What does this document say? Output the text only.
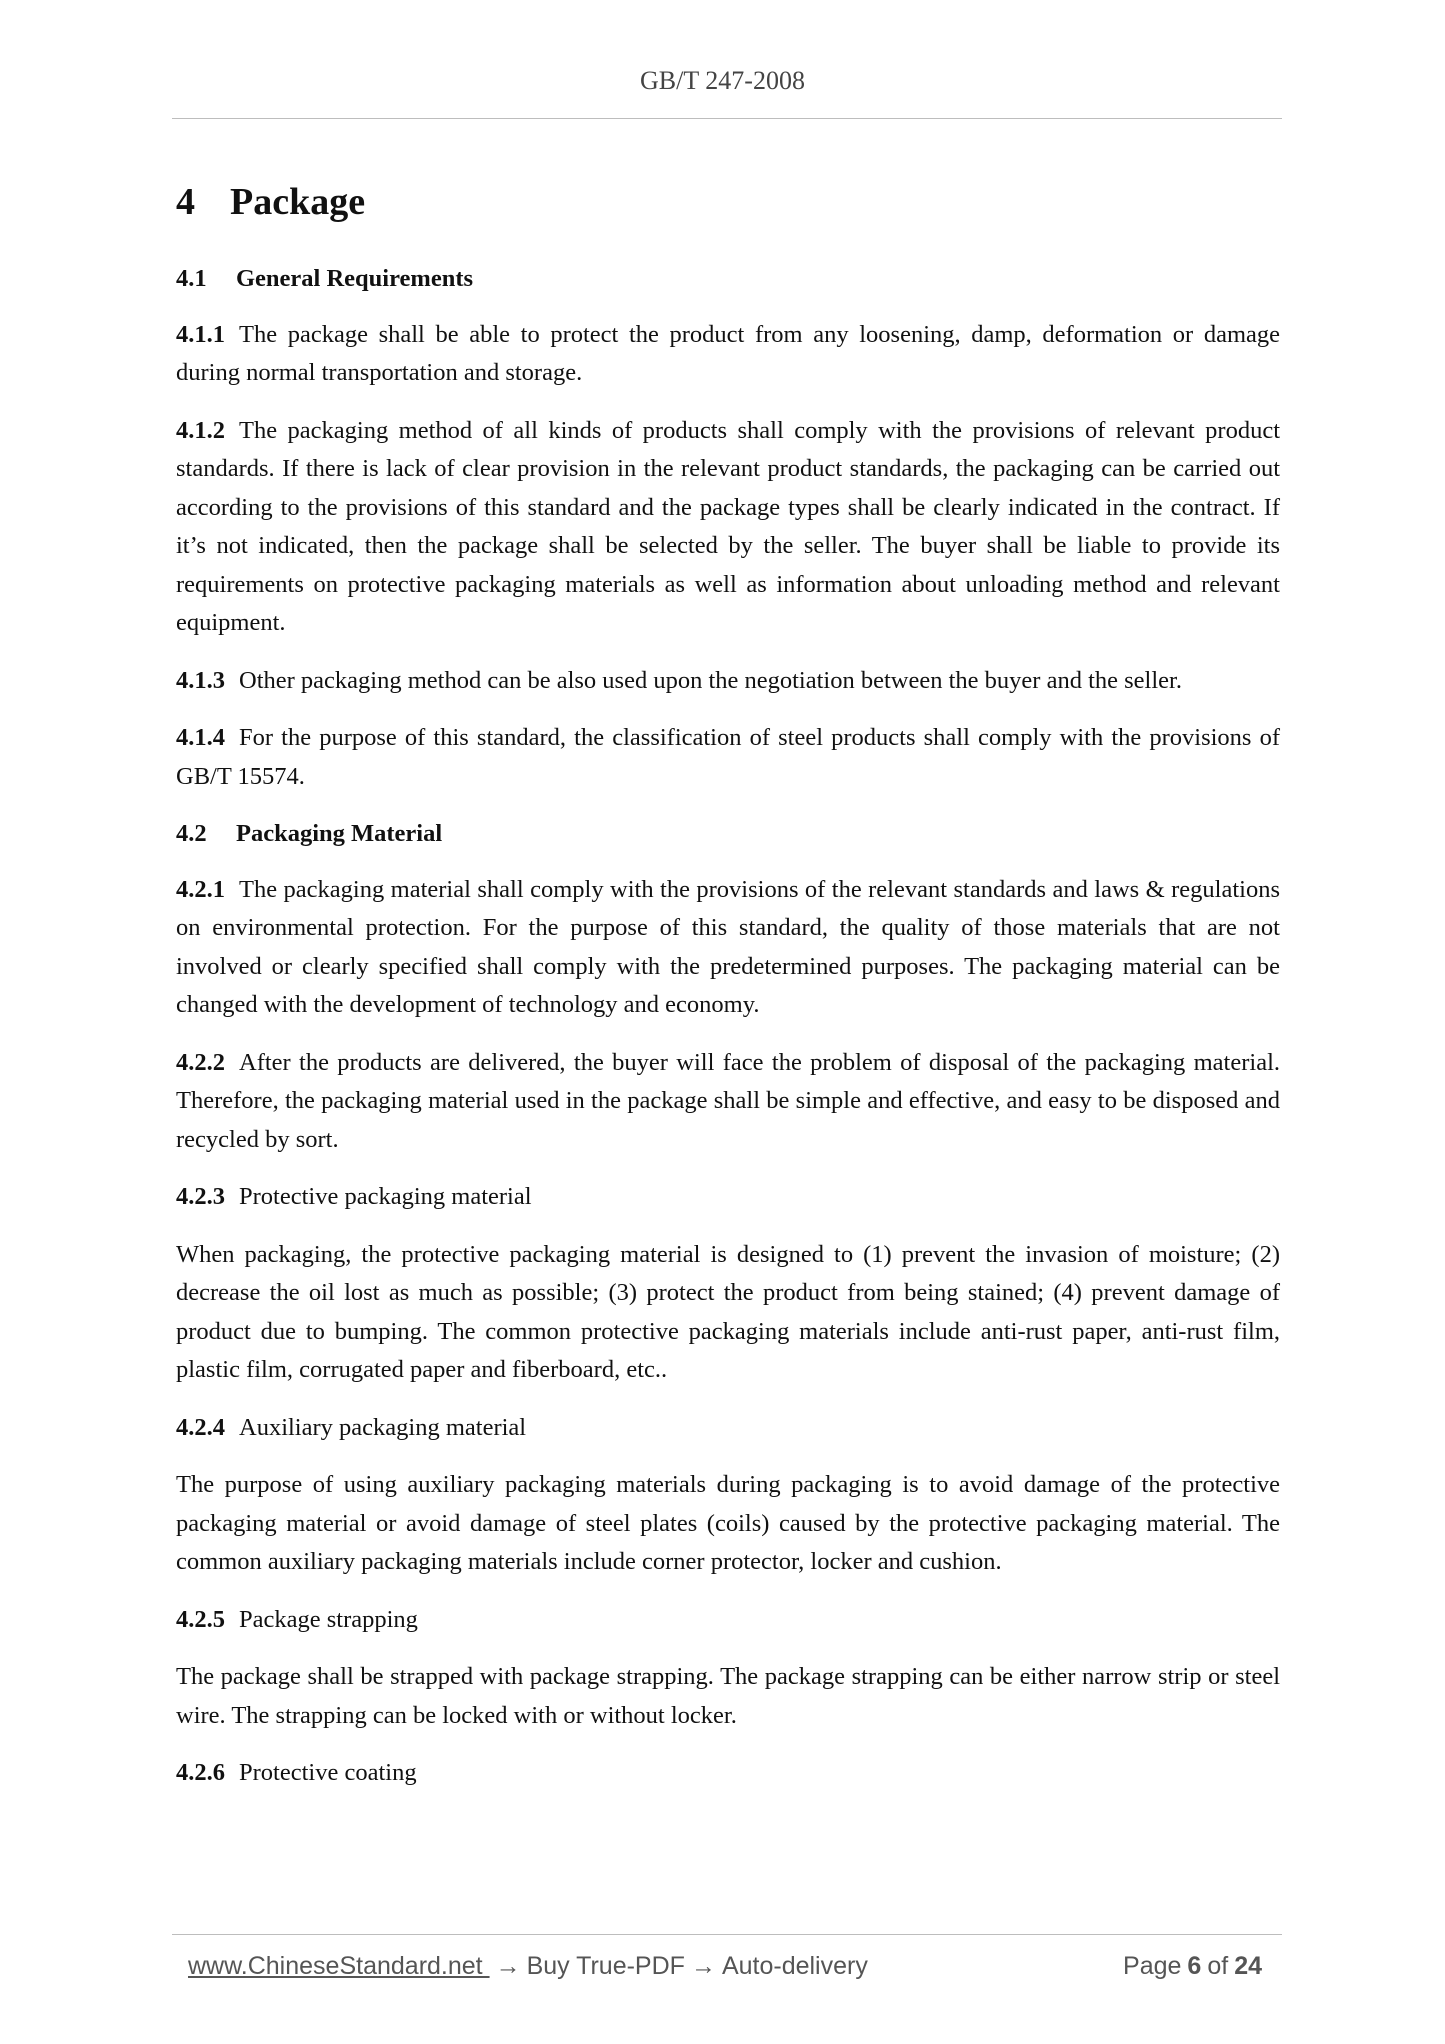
GB/T 247-2008
4 Package
4.1 General Requirements

4.1.1 The package shall be able to protect the product from any loosening, damp, deformation or damage during normal transportation and storage.

4.1.2 The packaging method of all kinds of products shall comply with the provisions of relevant product standards. If there is lack of clear provision in the relevant product standards, the packaging can be carried out according to the provisions of this standard and the package types shall be clearly indicated in the contract. If it’s not indicated, then the package shall be selected by the seller. The buyer shall be liable to provide its requirements on protective packaging materials as well as information about unloading method and relevant equipment.

4.1.3 Other packaging method can be also used upon the negotiation between the buyer and the seller.

4.1.4 For the purpose of this standard, the classification of steel products shall comply with the provisions of GB/T 15574.

4.2 Packaging Material

4.2.1 The packaging material shall comply with the provisions of the relevant standards and laws & regulations on environmental protection. For the purpose of this standard, the quality of those materials that are not involved or clearly specified shall comply with the predetermined purposes. The packaging material can be changed with the development of technology and economy.

4.2.2 After the products are delivered, the buyer will face the problem of disposal of the packaging material. Therefore, the packaging material used in the package shall be simple and effective, and easy to be disposed and recycled by sort.

4.2.3 Protective packaging material

When packaging, the protective packaging material is designed to (1) prevent the invasion of moisture; (2) decrease the oil lost as much as possible; (3) protect the product from being stained; (4) prevent damage of product due to bumping. The common protective packaging materials include anti-rust paper, anti-rust film, plastic film, corrugated paper and fiberboard, etc..

4.2.4 Auxiliary packaging material

The purpose of using auxiliary packaging materials during packaging is to avoid damage of the protective packaging material or avoid damage of steel plates (coils) caused by the protective packaging material. The common auxiliary packaging materials include corner protector, locker and cushion.

4.2.5 Package strapping

The package shall be strapped with package strapping. The package strapping can be either narrow strip or steel wire. The strapping can be locked with or without locker.

4.2.6 Protective coating

www.ChineseStandard.net → Buy True-PDF → Auto-delivery	Page 6 of 24
